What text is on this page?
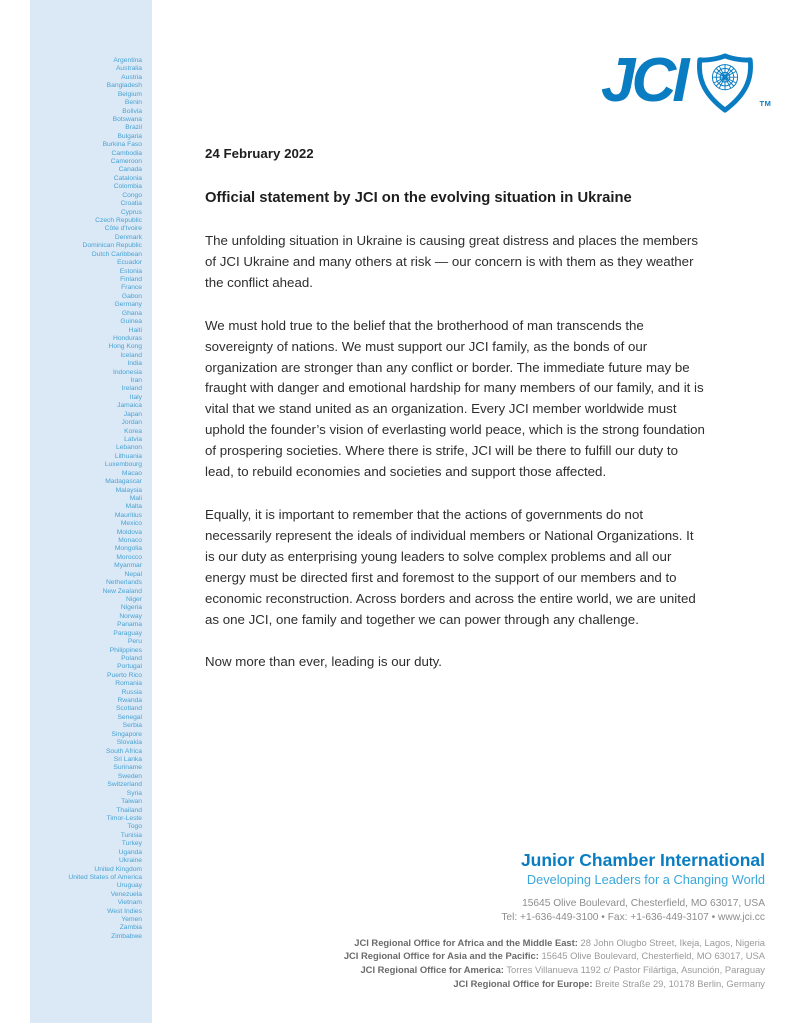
Argentina
Australia
Austria
Bangladesh
Belgium
Benin
Bolivia
Botswana
Brazil
Bulgaria
Burkina Faso
Cambodia
Cameroon
Canada
Catalonia
Colombia
Congo
Croatia
Cyprus
Czech Republic
Côte d'Ivoire
Denmark
Dominican Republic
Dutch Caribbean
Ecuador
Estonia
Finland
France
Gabon
Germany
Ghana
Guinea
Haiti
Honduras
Hong Kong
Iceland
India
Indonesia
Iran
Ireland
Italy
Jamaica
Japan
Jordan
Korea
Latvia
Lebanon
Lithuania
Luxembourg
Macao
Madagascar
Malaysia
Mali
Malta
Mauritius
Mexico
Moldova
Monaco
Mongolia
Morocco
Myanmar
Nepal
Netherlands
New Zealand
Niger
Nigeria
Norway
Panama
Paraguay
Peru
Philippines
Poland
Portugal
Puerto Rico
Romania
Russia
Rwanda
Scotland
Senegal
Serbia
Singapore
Slovakia
South Africa
Sri Lanka
Suriname
Sweden
Switzerland
Syria
Taiwan
Thailand
Timor-Leste
Togo
Tunisia
Turkey
Uganda
Ukraine
United Kingdom
United States of America
Uruguay
Venezuela
Vietnam
West Indies
Yemen
Zambia
Zimbabwe
JCI	TM
24 February 2022
Official statement by JCI on the evolving situation in Ukraine

The unfolding situation in Ukraine is causing great distress and places the members of JCI Ukraine and many others at risk — our concern is with them as they weather the conflict ahead.

We must hold true to the belief that the brotherhood of man transcends the sovereignty of nations. We must support our JCI family, as the bonds of our organization are stronger than any conflict or border. The immediate future may be fraught with danger and emotional hardship for many members of our family, and it is vital that we stand united as an organization. Every JCI member worldwide must uphold the founder’s vision of everlasting world peace, which is the strong foundation of prospering societies. Where there is strife, JCI will be there to fulfill our duty to lead, to rebuild economies and societies and support those affected.

Equally, it is important to remember that the actions of governments do not necessarily represent the ideals of individual members or National Organizations. It is our duty as enterprising young leaders to solve complex problems and all our energy must be directed first and foremost to the support of our members and to economic reconstruction. Across borders and across the entire world, we are united as one JCI, one family and together we can power through any challenge.

Now more than ever, leading is our duty.

Junior Chamber International
Developing Leaders for a Changing World
15645 Olive Boulevard, Chesterfield, MO 63017, USA
Tel: +1-636-449-3100 • Fax: +1-636-449-3107 • www.jci.cc
JCI Regional Office for Africa and the Middle East: 28 John Olugbo Street, Ikeja, Lagos, Nigeria
JCI Regional Office for Asia and the Pacific: 15645 Olive Boulevard, Chesterfield, MO 63017, USA
JCI Regional Office for America: Torres Villanueva 1192 c/ Pastor Filártiga, Asunción, Paraguay
JCI Regional Office for Europe: Breite Straße 29, 10178 Berlin, Germany
